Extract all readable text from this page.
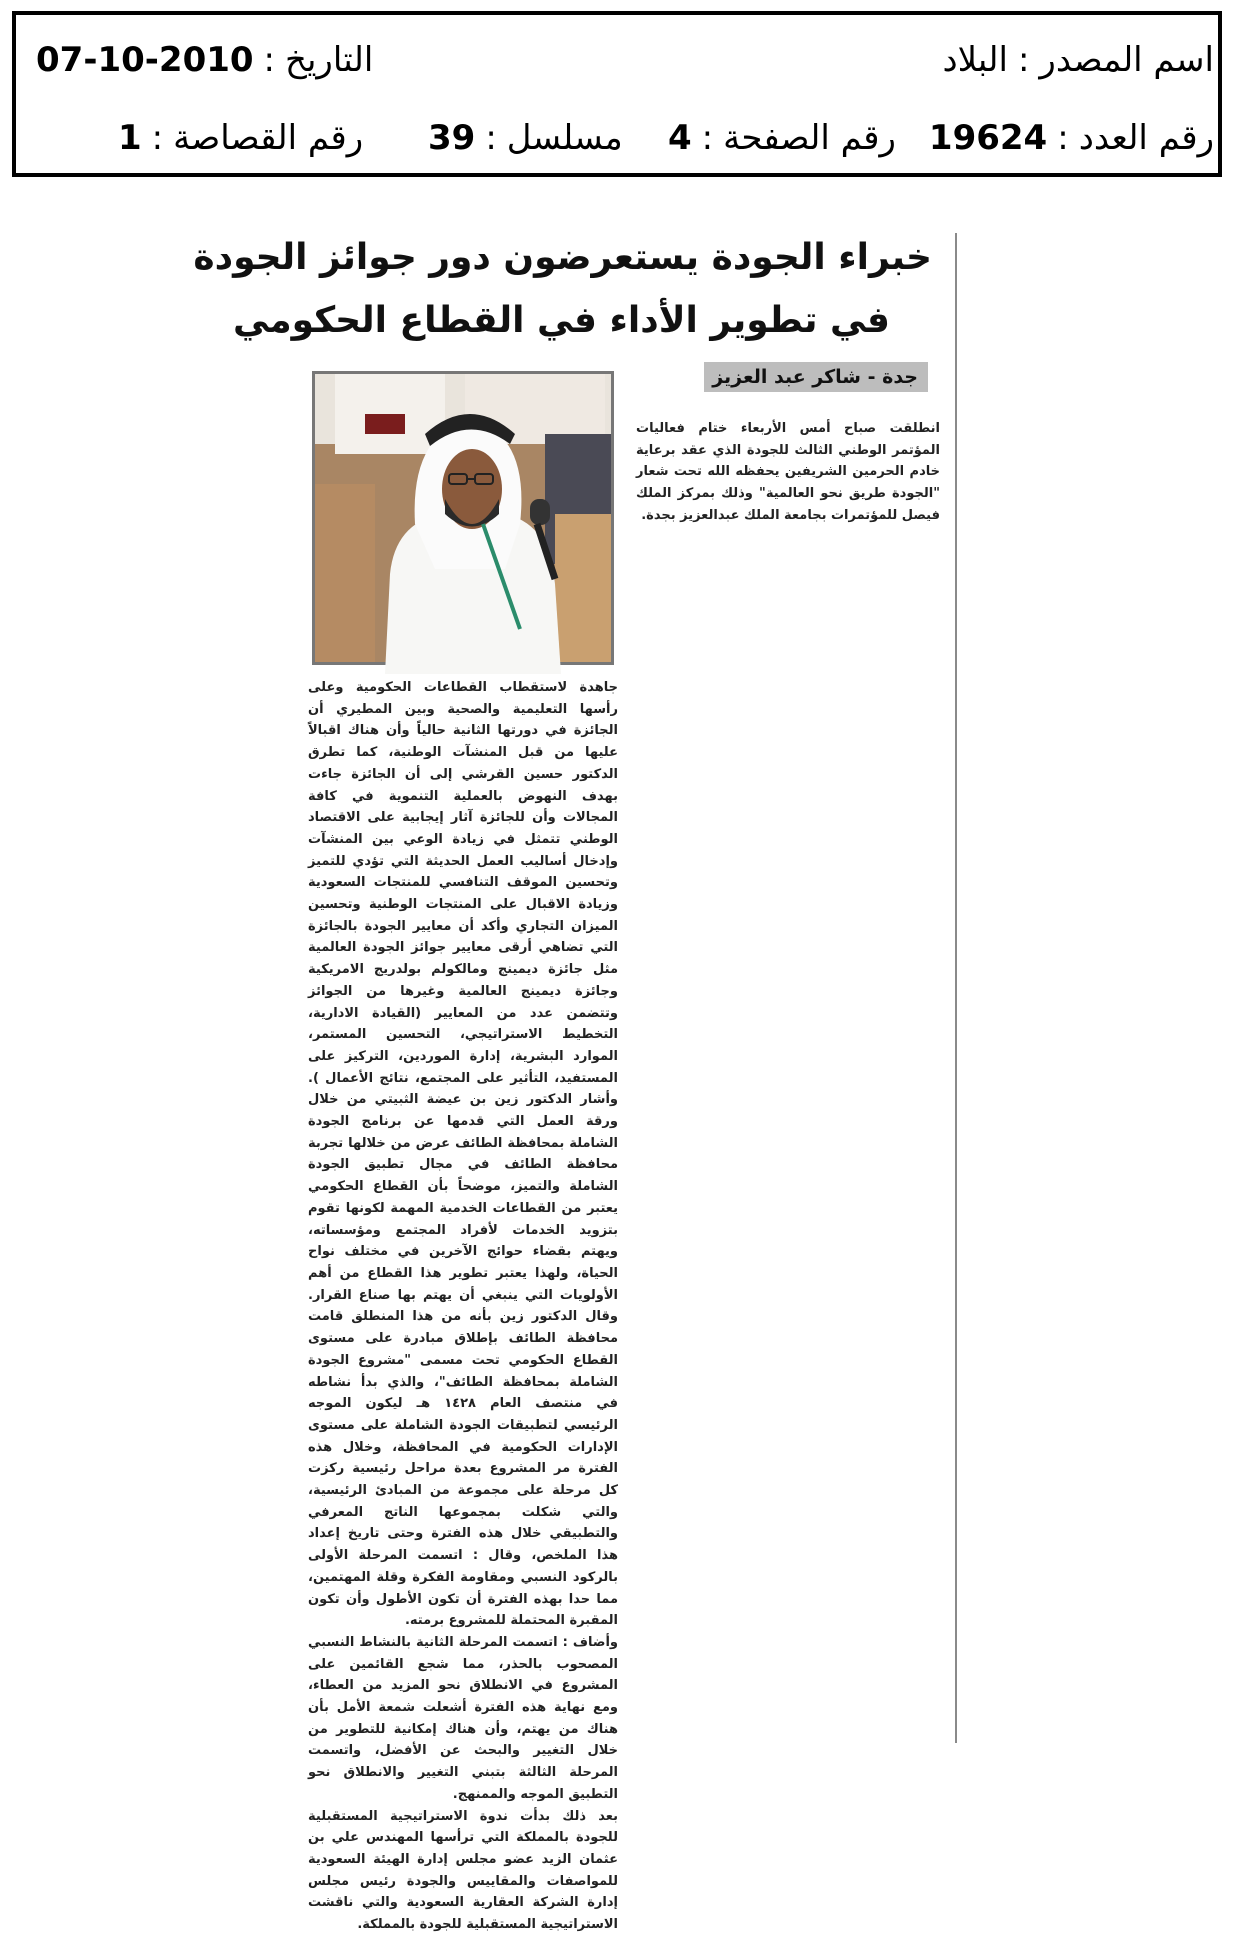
اسم المصدر:البلاد
التاريخ:2010-10-07
رقم العدد:19624
رقم الصفحة:4
مسلسل:39
رقم القصاصة:1
خبراء الجودة يستعرضون دور جوائز الجودة
في تطوير الأداء في القطاع الحكومي
جدة - شاكر عبد العزيز

انطلقت صباح أمس الأربعاء ختام فعاليات المؤتمر الوطني الثالث للجودة الذي عقد برعاية خادم الحرمين الشريفين يحفظه الله تحت شعار "الجودة طريق نحو العالمية" وذلك بمركز الملك فيصل للمؤتمرات بجامعة الملك عبدالعزيز بجدة.

جاهدة لاستقطاب القطاعات الحكومية وعلى رأسها التعليمية والصحية وبين المطيري أن الجائزة في دورتها الثانية حالياً وأن هناك اقبالاً عليها من قبل المنشآت الوطنية، كما تطرق الدكتور حسين القرشي إلى أن الجائزة جاءت بهدف النهوض بالعملية التنموية في كافة المجالات وأن للجائزة آثار إيجابية على الاقتصاد الوطني تتمثل في زيادة الوعي بين المنشآت وإدخال أساليب العمل الحديثة التي تؤدي للتميز وتحسين الموقف التنافسي للمنتجات السعودية وزيادة الاقبال على المنتجات الوطنية وتحسين الميزان التجاري وأكد أن معايير الجودة بالجائزة التي تضاهي أرقى معايير جوائز الجودة العالمية مثل جائزة ديمينج ومالكولم بولدريج الامريكية وجائزة ديمينج العالمية وغيرها من الجوائز وتتضمن عدد من المعايير (القيادة الادارية، التخطيط الاستراتيجي، التحسين المستمر، الموارد البشرية، إدارة الموردين، التركيز على المستفيد، التأثير على المجتمع، نتائج الأعمال ). وأشار الدكتور زين بن عيضة الثبيتي من خلال ورقة العمل التي قدمها عن برنامج الجودة الشاملة بمحافظة الطائف عرض من خلالها تجربة محافظة الطائف في مجال تطبيق الجودة الشاملة والتميز، موضحاً بأن القطاع الحكومي يعتبر من القطاعات الخدمية المهمة لكونها تقوم بتزويد الخدمات لأفراد المجتمع ومؤسساته، ويهتم بقضاء حوائج الآخرين في مختلف نواح الحياة، ولهذا يعتبر تطوير هذا القطاع من أهم الأولويات التي ينبغي أن يهتم بها صناع القرار. وقال الدكتور زين بأنه من هذا المنطلق قامت محافظة الطائف بإطلاق مبادرة على مستوى القطاع الحكومي تحت مسمى "مشروع الجودة الشاملة بمحافظة الطائف"، والذي بدأ نشاطه في منتصف العام ١٤٢٨ هـ ليكون الموجه الرئيسي لتطبيقات الجودة الشاملة على مستوى الإدارات الحكومية في المحافظة، وخلال هذه الفترة مر المشروع بعدة مراحل رئيسية ركزت كل مرحلة على مجموعة من المبادئ الرئيسية، والتي شكلت بمجموعها الناتج المعرفي والتطبيقي خلال هذه الفترة وحتى تاريخ إعداد هذا الملخص، وقال : اتسمت المرحلة الأولى بالركود النسبي ومقاومة الفكرة وقلة المهتمين، مما حدا بهذه الفترة أن تكون الأطول وأن تكون المقبرة المحتملة للمشروع برمته.

وأضاف : اتسمت المرحلة الثانية بالنشاط النسبي المصحوب بالحذر، مما شجع القائمين على المشروع في الانطلاق نحو المزيد من العطاء، ومع نهاية هذه الفترة أشعلت شمعة الأمل بأن هناك من يهتم، وأن هناك إمكانية للتطوير من خلال التغيير والبحث عن الأفضل، واتسمت المرحلة الثالثة بتبني التغيير والانطلاق نحو التطبيق الموجه والممنهج.

بعد ذلك بدأت ندوة الاستراتيجية المستقبلية للجودة بالمملكة التي ترأسها المهندس علي بن عثمان الزيد عضو مجلس إدارة الهيئة السعودية للمواصفات والمقاييس والجودة رئيس مجلس إدارة الشركة العقارية السعودية والتي ناقشت الاستراتيجية المستقبلية للجودة بالمملكة.
